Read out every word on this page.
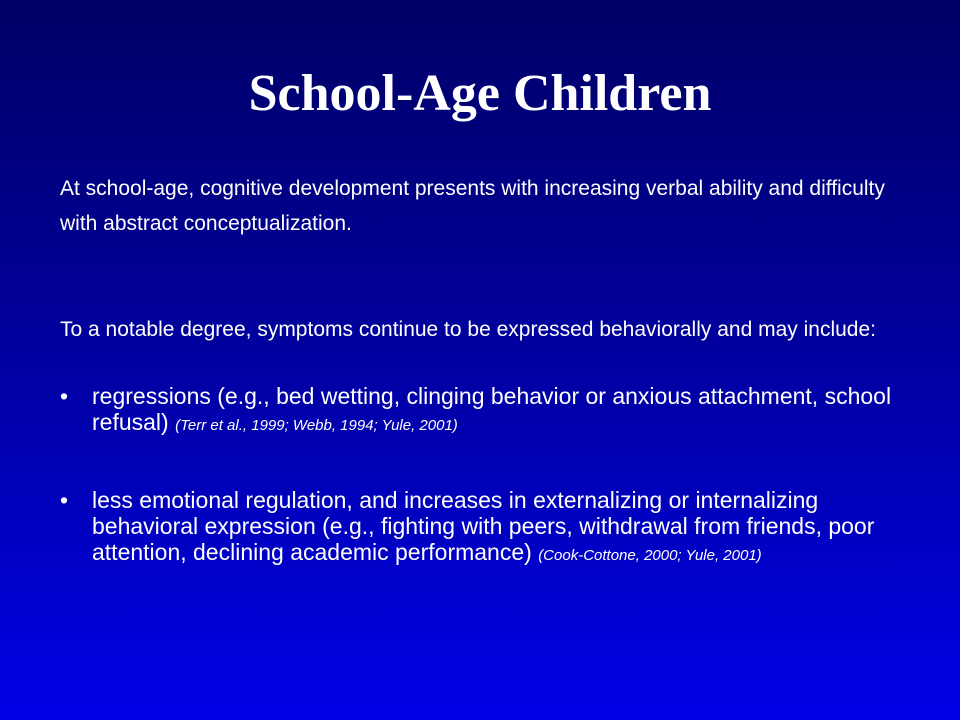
School-Age Children
At school-age, cognitive development presents with increasing verbal ability and difficulty with abstract conceptualization.
To a notable degree, symptoms continue to be expressed behaviorally and may include:
• regressions (e.g., bed wetting, clinging behavior or anxious attachment, school refusal) (Terr et al., 1999; Webb, 1994; Yule, 2001)
• less emotional regulation, and increases in externalizing or internalizing behavioral expression (e.g., fighting with peers, withdrawal from friends, poor attention, declining academic performance) (Cook-Cottone, 2000; Yule, 2001)
